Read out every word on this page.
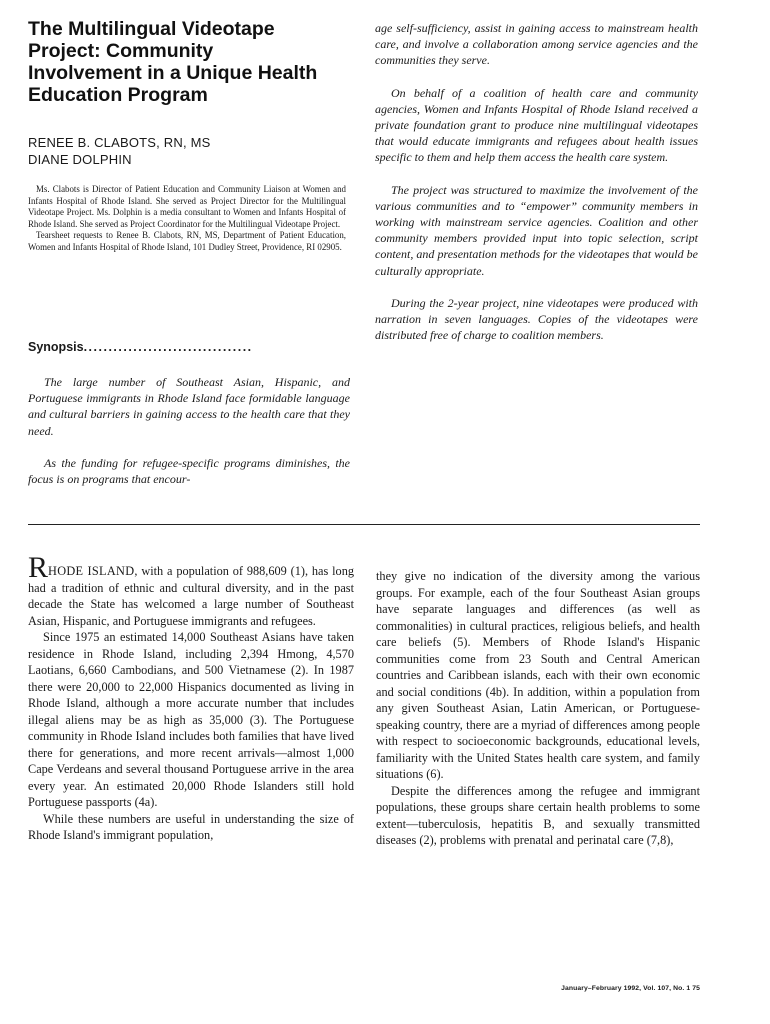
The Multilingual Videotape Project: Community Involvement in a Unique Health Education Program
RENEE B. CLABOTS, RN, MS
DIANE DOLPHIN

Ms. Clabots is Director of Patient Education and Community Liaison at Women and Infants Hospital of Rhode Island. She served as Project Director for the Multilingual Videotape Project. Ms. Dolphin is a media consultant to Women and Infants Hospital of Rhode Island. She served as Project Coordinator for the Multilingual Videotape Project.

Tearsheet requests to Renee B. Clabots, RN, MS, Department of Patient Education, Women and Infants Hospital of Rhode Island, 101 Dudley Street, Providence, RI 02905.

Synopsis..................................

The large number of Southeast Asian, Hispanic, and Portuguese immigrants in Rhode Island face formidable language and cultural barriers in gaining access to the health care that they need.

As the funding for refugee-specific programs diminishes, the focus is on programs that encour-

age self-sufficiency, assist in gaining access to mainstream health care, and involve a collaboration among service agencies and the communities they serve.

On behalf of a coalition of health care and community agencies, Women and Infants Hospital of Rhode Island received a private foundation grant to produce nine multilingual videotapes that would educate immigrants and refugees about health issues specific to them and help them access the health care system.

The project was structured to maximize the involvement of the various communities and to “empower” community members in working with mainstream service agencies. Coalition and other community members provided input into topic selection, script content, and presentation methods for the videotapes that would be culturally appropriate.

During the 2-year project, nine videotapes were produced with narration in seven languages. Copies of the videotapes were distributed free of charge to coalition members.

RHODE ISLAND, with a population of 988,609 (1), has long had a tradition of ethnic and cultural diversity, and in the past decade the State has welcomed a large number of Southeast Asian, Hispanic, and Portuguese immigrants and refugees.

Since 1975 an estimated 14,000 Southeast Asians have taken residence in Rhode Island, including 2,394 Hmong, 4,570 Laotians, 6,660 Cambodians, and 500 Vietnamese (2). In 1987 there were 20,000 to 22,000 Hispanics documented as living in Rhode Island, although a more accurate number that includes illegal aliens may be as high as 35,000 (3). The Portuguese community in Rhode Island includes both families that have lived there for generations, and more recent arrivals—almost 1,000 Cape Verdeans and several thousand Portuguese arrive in the area every year. An estimated 20,000 Rhode Islanders still hold Portuguese passports (4a).

While these numbers are useful in understanding the size of Rhode Island's immigrant population,

they give no indication of the diversity among the various groups. For example, each of the four Southeast Asian groups have separate languages and differences (as well as commonalities) in cultural practices, religious beliefs, and health care beliefs (5). Members of Rhode Island's Hispanic communities come from 23 South and Central American countries and Caribbean islands, each with their own economic and social conditions (4b). In addition, within a population from any given Southeast Asian, Latin American, or Portuguese-speaking country, there are a myriad of differences among people with respect to socioeconomic backgrounds, educational levels, familiarity with the United States health care system, and family situations (6).

Despite the differences among the refugee and immigrant populations, these groups share certain health problems to some extent—tuberculosis, hepatitis B, and sexually transmitted diseases (2), problems with prenatal and perinatal care (7,8),

January–February 1992, Vol. 107, No. 1 75
